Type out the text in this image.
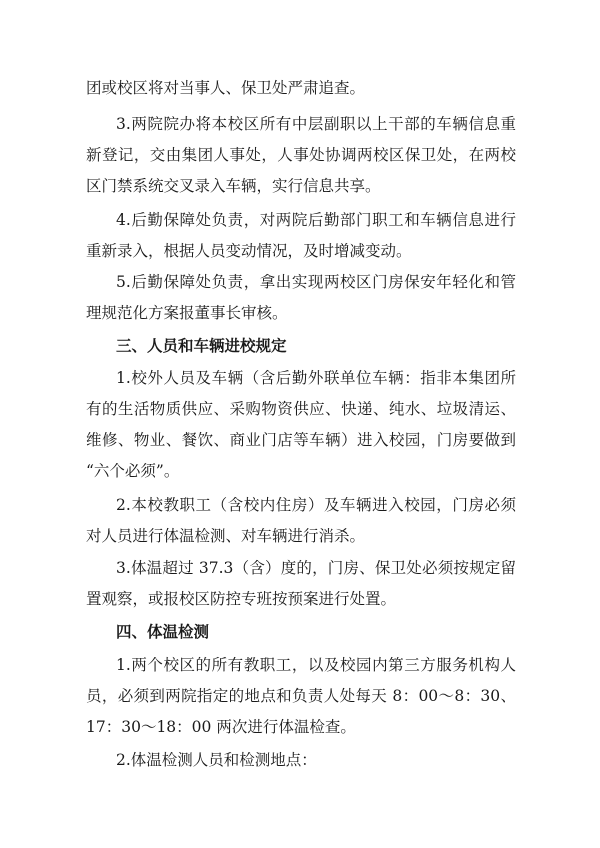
团或校区将对当事人、保卫处严肃追查。
3.两院院办将本校区所有中层副职以上干部的车辆信息重
新登记，交由集团人事处，人事处协调两校区保卫处，在两校
区门禁系统交叉录入车辆，实行信息共享。
4.后勤保障处负责，对两院后勤部门职工和车辆信息进行
重新录入，根据人员变动情况，及时增减变动。
5.后勤保障处负责，拿出实现两校区门房保安年轻化和管
理规范化方案报董事长审核。
三、人员和车辆进校规定
1.校外人员及车辆（含后勤外联单位车辆：指非本集团所
有的生活物质供应、采购物资供应、快递、纯水、垃圾清运、
维修、物业、餐饮、商业门店等车辆）进入校园，门房要做到
“六个必须”。
2.本校教职工（含校内住房）及车辆进入校园，门房必须
对人员进行体温检测、对车辆进行消杀。
3.体温超过 37.3（含）度的，门房、保卫处必须按规定留
置观察，或报校区防控专班按预案进行处置。
四、体温检测
1.两个校区的所有教职工，以及校园内第三方服务机构人
员，必须到两院指定的地点和负责人处每天 8：00～8：30、
17：30～18：00 两次进行体温检查。
2.体温检测人员和检测地点：
